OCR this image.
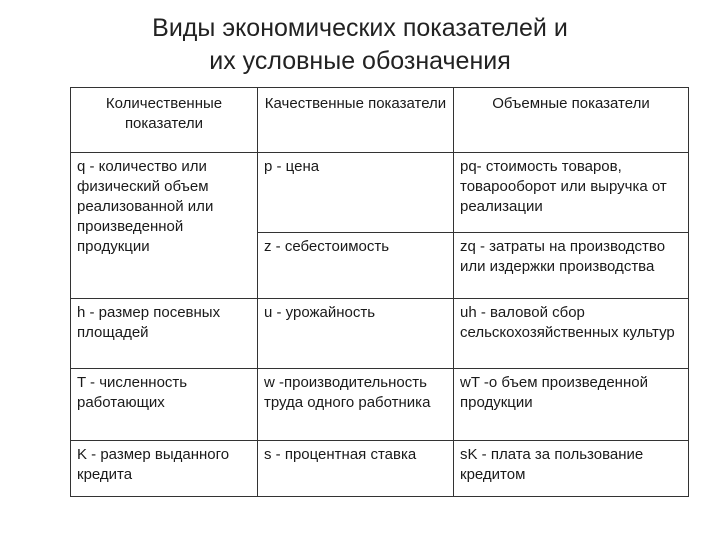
Виды экономических показателей и
их условные обозначения
Количественные показатели	Качественные показатели	Объемные показатели
q - количество или физический объем реализованной или произведенной продукции	p - цена	pq- стоимость товаров, товарооборот или выручка от реализации
	z - себестоимость	zq - затраты на производство или издержки производства
h - размер посевных площадей	u - урожайность	uh - валовой сбор сельскохозяйственных культур
T - численность работающих	w -производительность труда одного работника	wT -о бъем произведенной продукции
K - размер выданного кредита	s - процентная ставка	sK - плата за пользование кредитом
